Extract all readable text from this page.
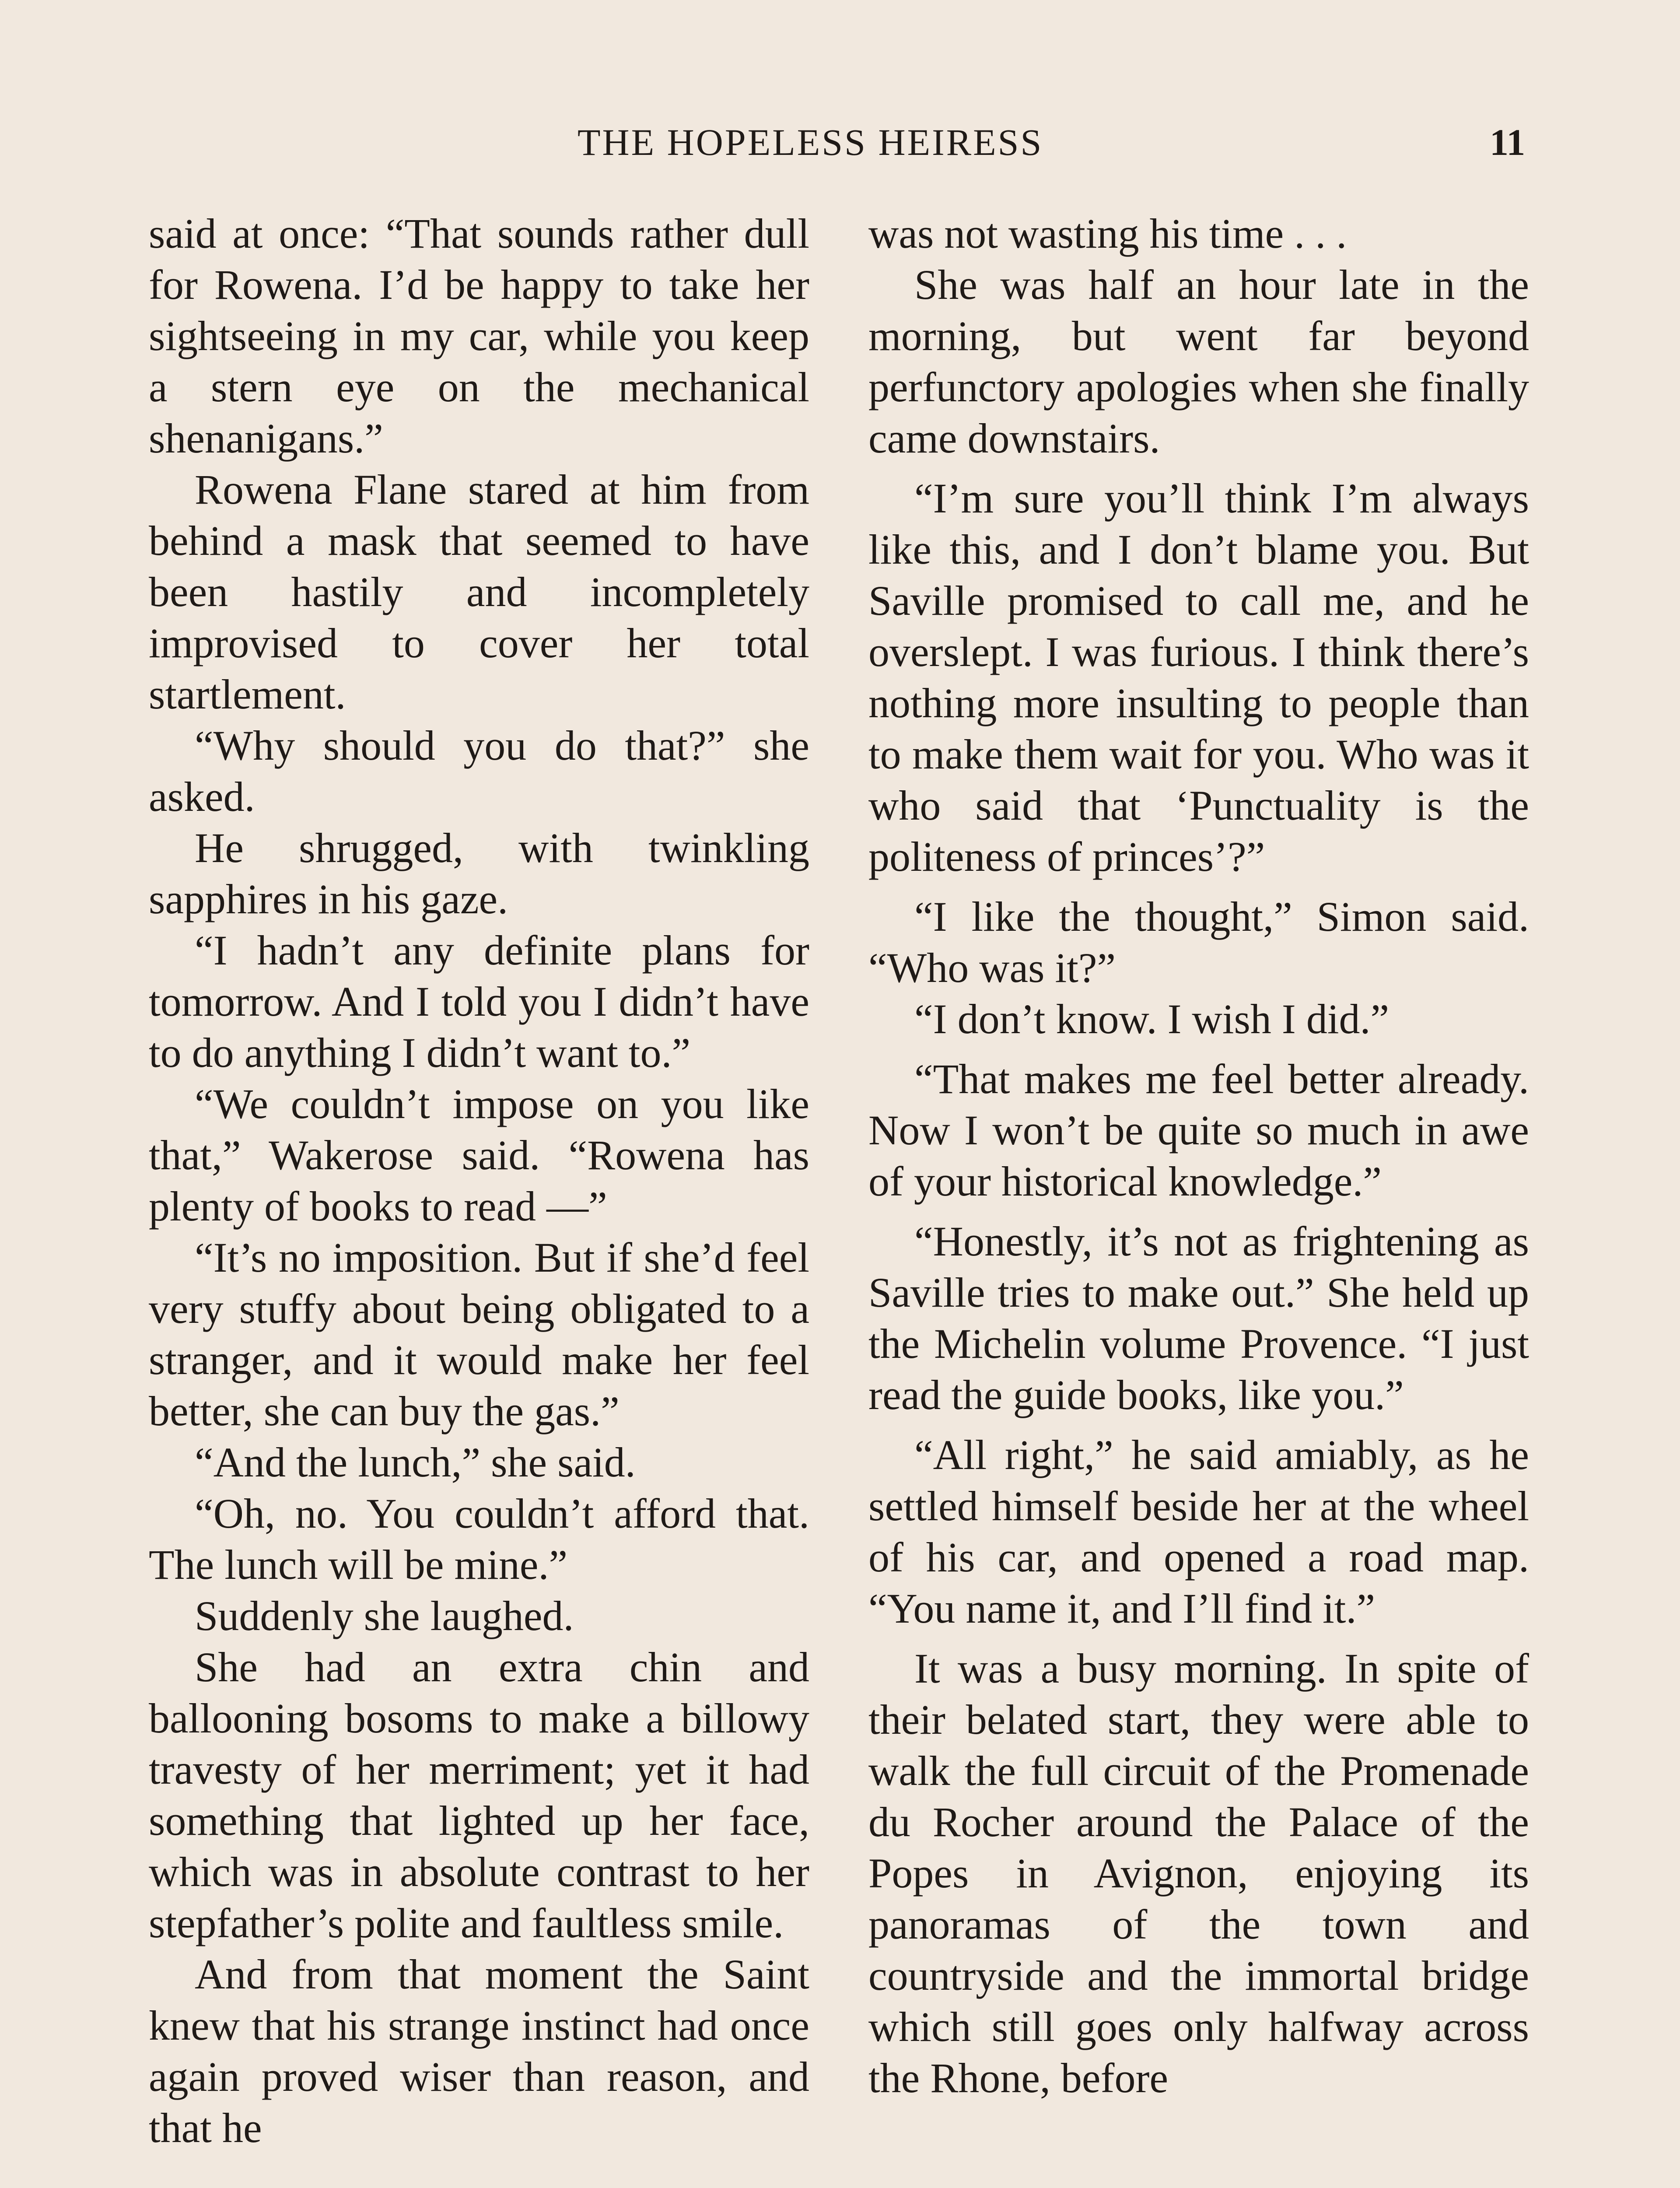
THE HOPELESS HEIRESS	11

said at once: “That sounds rather dull for Rowena. I’d be happy to take her sightseeing in my car, while you keep a stern eye on the mechanical shenanigans.”

Rowena Flane stared at him from behind a mask that seemed to have been hastily and incompletely improvised to cover her total startlement.

“Why should you do that?” she asked.

He shrugged, with twinkling sapphires in his gaze.

“I hadn’t any definite plans for tomorrow. And I told you I didn’t have to do anything I didn’t want to.”

“We couldn’t impose on you like that,” Wakerose said. “Rowena has plenty of books to read —”

“It’s no imposition. But if she’d feel very stuffy about being obligated to a stranger, and it would make her feel better, she can buy the gas.”

“And the lunch,” she said.

“Oh, no. You couldn’t afford that. The lunch will be mine.”

Suddenly she laughed.

She had an extra chin and ballooning bosoms to make a billowy travesty of her merriment; yet it had something that lighted up her face, which was in absolute contrast to her stepfather’s polite and faultless smile.

And from that moment the Saint knew that his strange instinct had once again proved wiser than reason, and that he

was not wasting his time . . .

She was half an hour late in the morning, but went far beyond perfunctory apologies when she finally came downstairs.

“I’m sure you’ll think I’m always like this, and I don’t blame you. But Saville promised to call me, and he overslept. I was furious. I think there’s nothing more insulting to people than to make them wait for you. Who was it who said that ‘Punctuality is the politeness of princes’?”

“I like the thought,” Simon said. “Who was it?”

“I don’t know. I wish I did.”

“That makes me feel better already. Now I won’t be quite so much in awe of your historical knowledge.”

“Honestly, it’s not as frightening as Saville tries to make out.” She held up the Michelin volume Provence. “I just read the guide books, like you.”

“All right,” he said amiably, as he settled himself beside her at the wheel of his car, and opened a road map. “You name it, and I’ll find it.”

It was a busy morning. In spite of their belated start, they were able to walk the full circuit of the Promenade du Rocher around the Palace of the Popes in Avignon, enjoying its panoramas of the town and countryside and the immortal bridge which still goes only halfway across the Rhone, before
